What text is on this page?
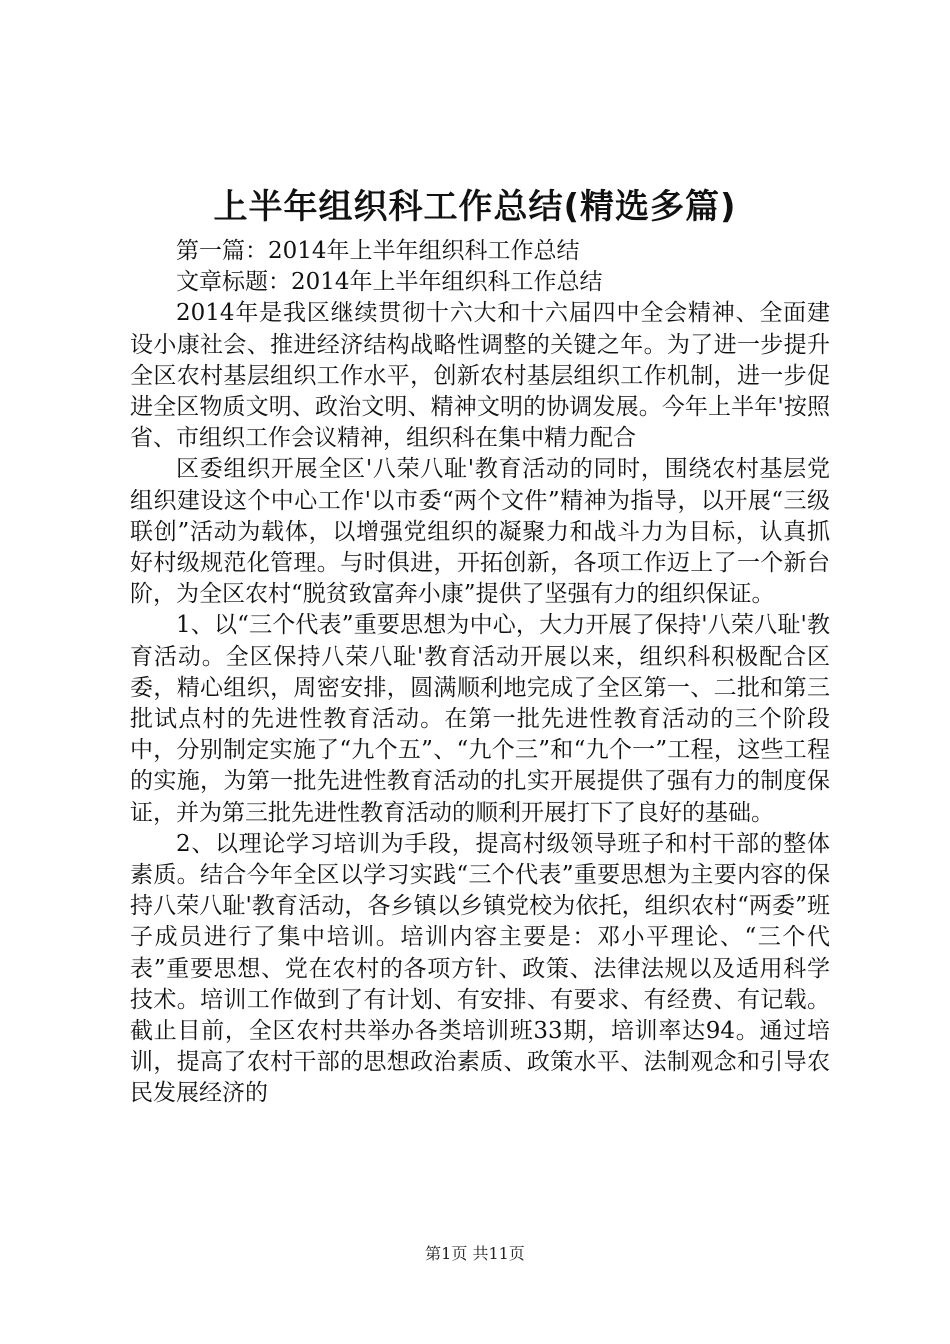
上半年组织科工作总结(精选多篇)

第一篇：2014年上半年组织科工作总结

文章标题：2014年上半年组织科工作总结

2014年是我区继续贯彻十六大和十六届四中全会精神、全面建设小康社会、推进经济结构战略性调整的关键之年。为了进一步提升全区农村基层组织工作水平，创新农村基层组织工作机制，进一步促进全区物质文明、政治文明、精神文明的协调发展。今年上半年'按照省、市组织工作会议精神，组织科在集中精力配合

区委组织开展全区'八荣八耻'教育活动的同时，围绕农村基层党组织建设这个中心工作'以市委“两个文件”精神为指导，以开展“三级联创”活动为载体，以增强党组织的凝聚力和战斗力为目标，认真抓好村级规范化管理。与时俱进，开拓创新，各项工作迈上了一个新台阶，为全区农村“脱贫致富奔小康”提供了坚强有力的组织保证。

1、以“三个代表”重要思想为中心，大力开展了保持'八荣八耻'教育活动。全区保持八荣八耻'教育活动开展以来，组织科积极配合区委，精心组织，周密安排，圆满顺利地完成了全区第一、二批和第三批试点村的先进性教育活动。在第一批先进性教育活动的三个阶段中，分别制定实施了“九个五”、“九个三”和“九个一”工程，这些工程的实施，为第一批先进性教育活动的扎实开展提供了强有力的制度保证，并为第三批先进性教育活动的顺利开展打下了良好的基础。

2、以理论学习培训为手段，提高村级领导班子和村干部的整体素质。结合今年全区以学习实践“三个代表”重要思想为主要内容的保持八荣八耻'教育活动，各乡镇以乡镇党校为依托，组织农村“两委”班子成员进行了集中培训。培训内容主要是：邓小平理论、“三个代表”重要思想、党在农村的各项方针、政策、法律法规以及适用科学技术。培训工作做到了有计划、有安排、有要求、有经费、有记载。截止目前，全区农村共举办各类培训班33期，培训率达94。通过培训，提高了农村干部的思想政治素质、政策水平、法制观念和引导农民发展经济的

第1页 共11页
